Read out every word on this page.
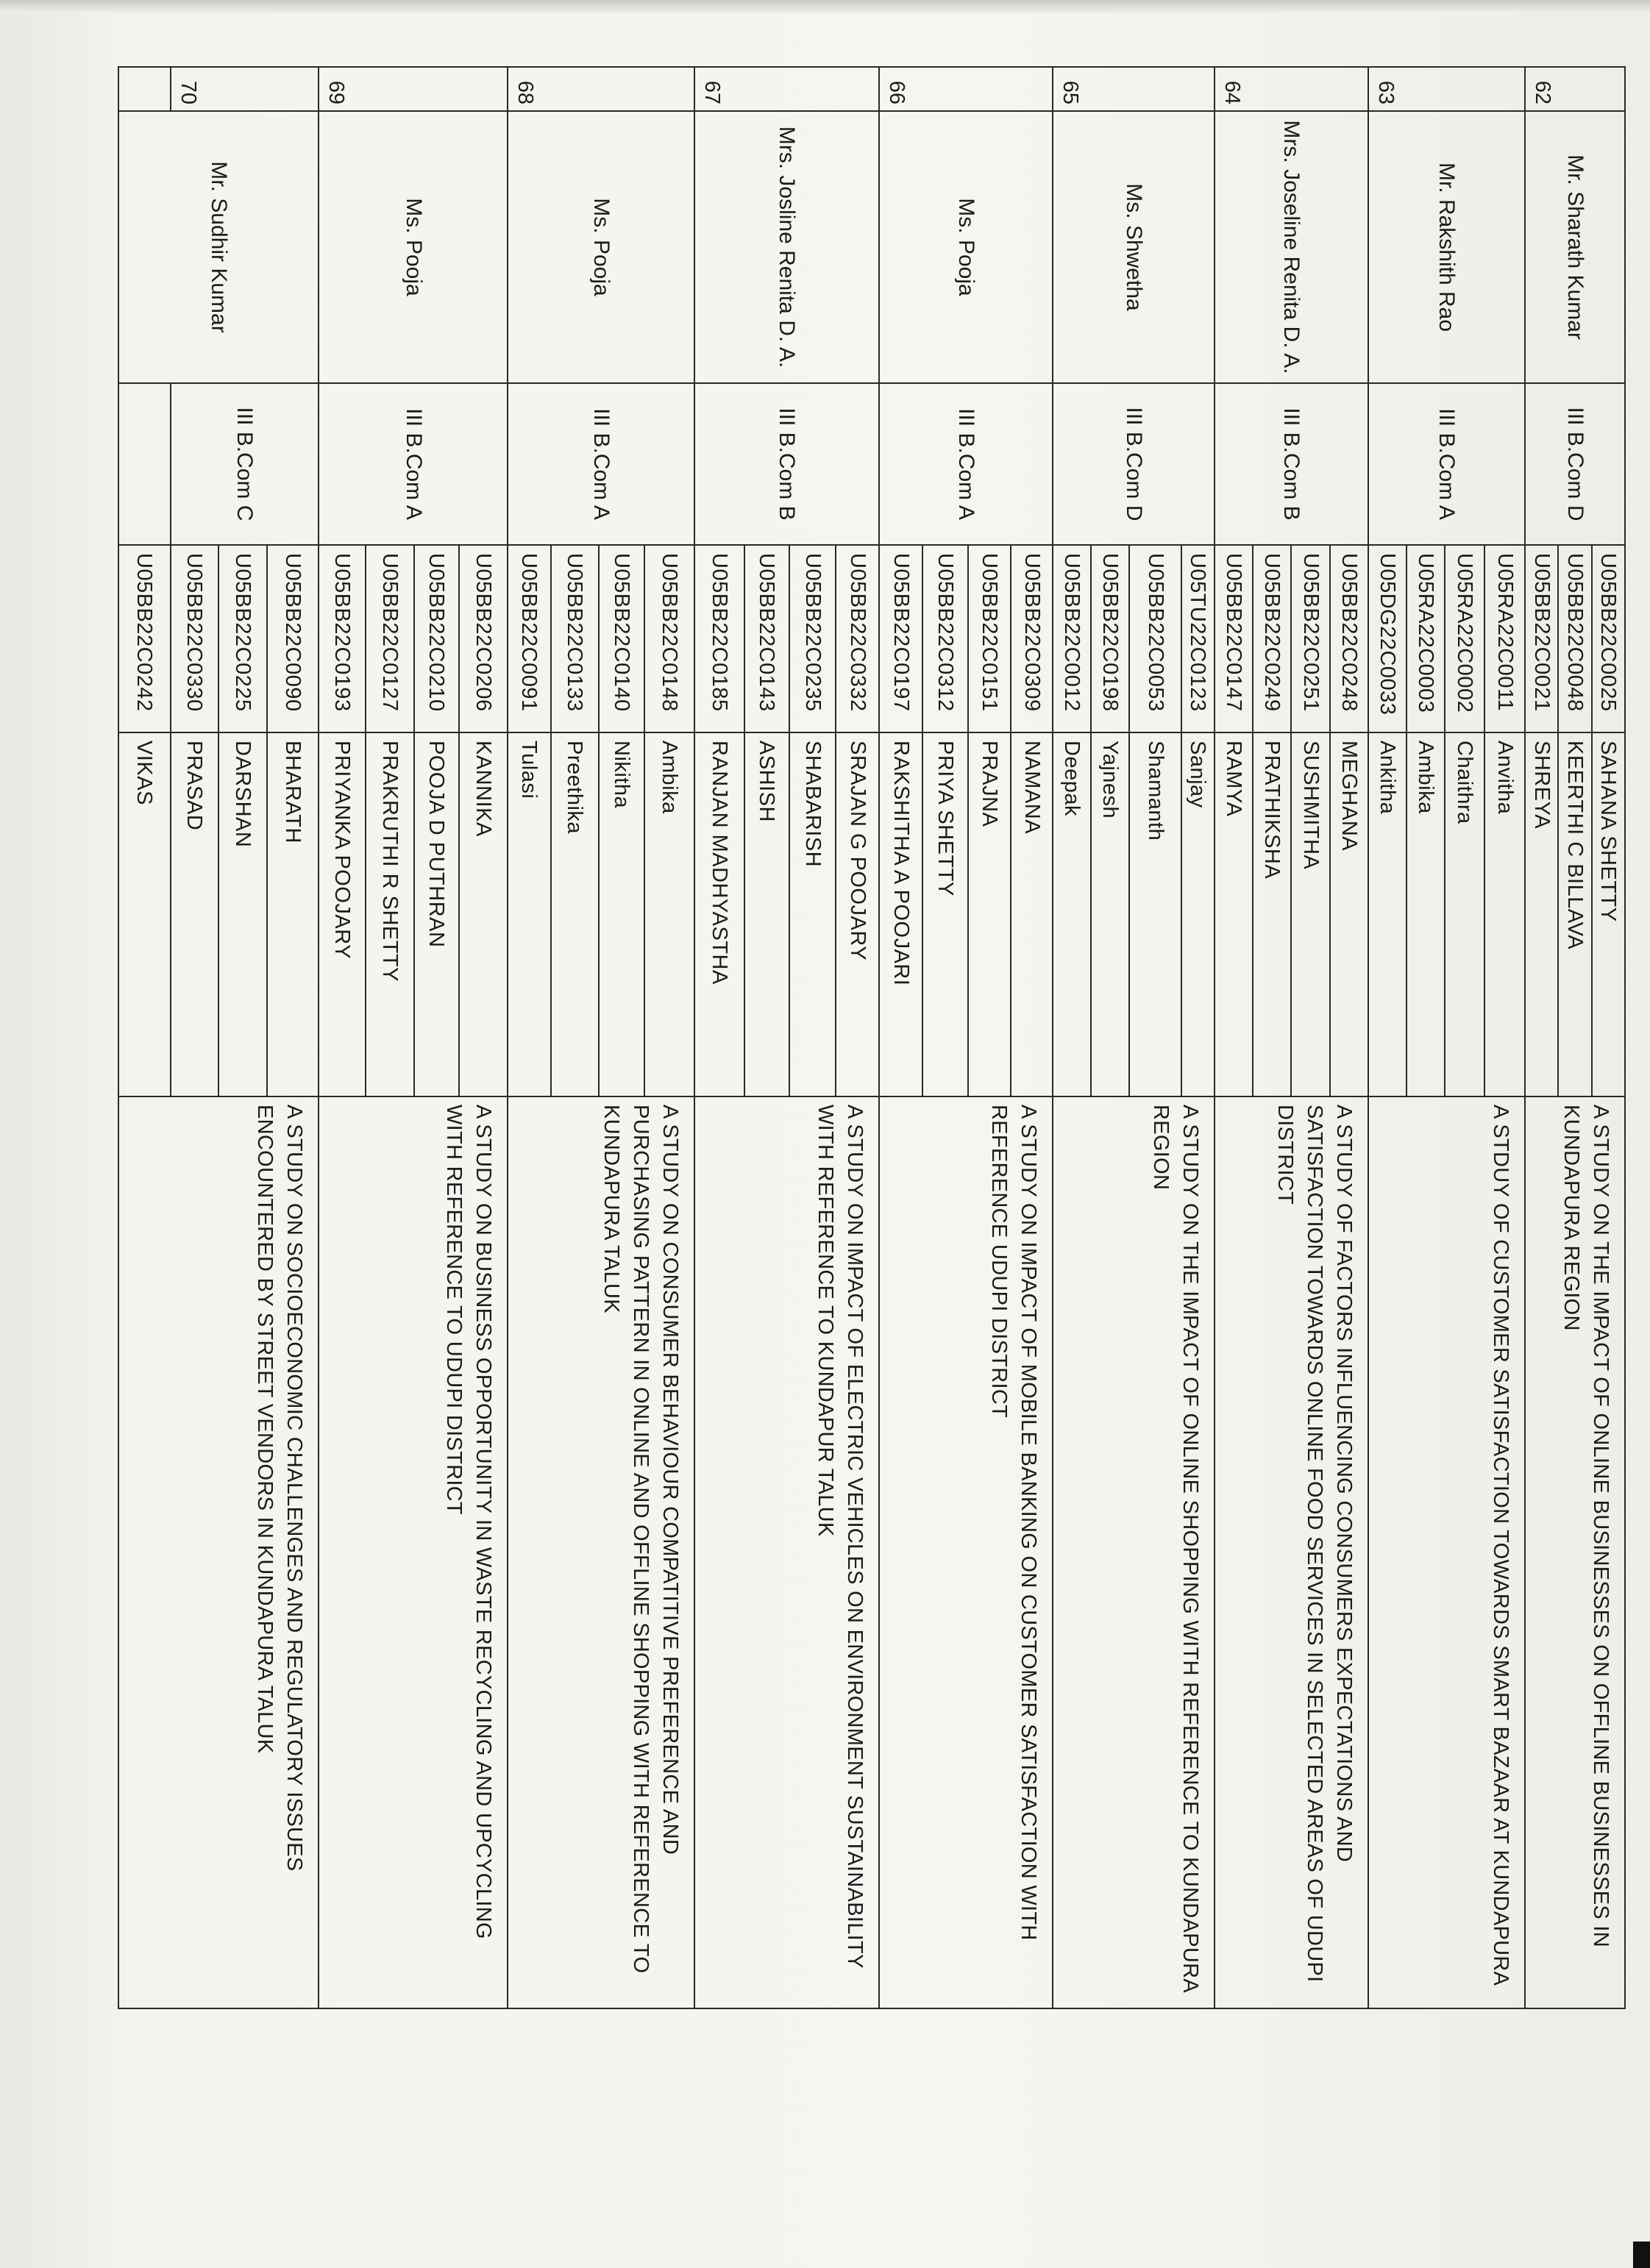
62	Mr. Sharath Kumar	III B.Com D	U05BB22C0025	SAHANA SHETTY	A STUDY ON THE IMPACT OF ONLINE BUSINESSES ON OFFLINE BUSINESSES IN KUNDAPURA REGION
			U05BB22C0048	KEERTHI C BILLAVA	
			U05BB22C0021	SHREYA	
63	Mr. Rakshith Rao	III B.Com A	U05RA22C0011	Anvitha	A STDUY OF CUSTOMER SATISFACTION TOWARDS SMART BAZAAR AT KUNDAPURA
			U05RA22C0002	Chaithra	
			U05RA22C0003	Ambika	
			U05DG22C0033	Ankitha	
64	Mrs. Joseline Renita D. A.	III B.Com B	U05BB22C0248	MEGHANA	A STUDY OF FACTORS INFLUENCING CONSUMERS EXPECTATIONS AND SATISFACTION TOWARDS ONLINE FOOD SERVICES IN SELECTED AREAS OF UDUPI DISTRICT
			U05BB22C0251	SUSHMITHA	
			U05BB22C0249	PRATHIKSHA	
			U05BB22C0147	RAMYA	
65	Ms. Shwetha	III B.Com D	U05TU22C0123	Sanjay	A STUDY ON THE IMPACT OF ONLINE SHOPPING WITH REFERENCE TO KUNDAPURA REGION
			U05BB22C0053	Shamanth	
			U05BB22C0198	Yajnesh	
			U05BB22C0012	Deepak	
66	Ms. Pooja	III B.Com A	U05BB22C0309	NAMANA	A STUDY ON IMPACT OF MOBILE BANKING ON CUSTOMER SATISFACTION WITH REFERENCE UDUPI DISTRICT
			U05BB22C0151	PRAJNA	
			U05BB22C0312	PRIYA SHETTY	
			U05BB22C0197	RAKSHITHA A POOJARI	
67	Mrs. Josline Renita D. A.	III B.Com B	U05BB22C0332	SRAJAN G POOJARY	A STUDY ON IMPACT OF ELECTRIC VEHICLES ON ENVIRONMENT SUSTAINABILITY WITH REFERENCE TO KUNDAPUR TALUK
			U05BB22C0235	SHABARISH	
			U05BB22C0143	ASHISH	
			U05BB22C0185	RANJAN MADHYASTHA	
68	Ms. Pooja	III B.Com A	U05BB22C0148	Ambika	A STUDY ON CONSUMER BEHAVIOUR COMPATITIVE PREFERENCE AND PURCHASING PATTERN IN ONLINE AND OFFLINE SHOPPING WITH REFERENCE TO KUNDAPURA TALUK
			U05BB22C0140	Nikitha	
			U05BB22C0133	Preethika	
			U05BB22C0091	Tulasi	
69	Ms. Pooja	III B.Com A	U05BB22C0206	KANNIKA	A STUDY ON BUSINESS OPPORTUNITY IN WASTE RECYCLING AND UPCYCLING WITH REFERENCE TO UDUPI DISTRICT
			U05BB22C0210	POOJA D PUTHRAN	
			U05BB22C0127	PRAKRUTHI R SHETTY	
			U05BB22C0193	PRIYANKA POOJARY	
70	Mr. Sudhir Kumar	III B.Com C	U05BB22C0090	BHARATH	A STUDY ON SOCIOECONOMIC CHALLENGES AND REGULATORY ISSUES ENCOUNTERED BY STREET VENDORS IN KUNDAPURA TALUK
			U05BB22C0225	DARSHAN	
			U05BB22C0330	PRASAD	
			U05BB22C0242	VIKAS	
